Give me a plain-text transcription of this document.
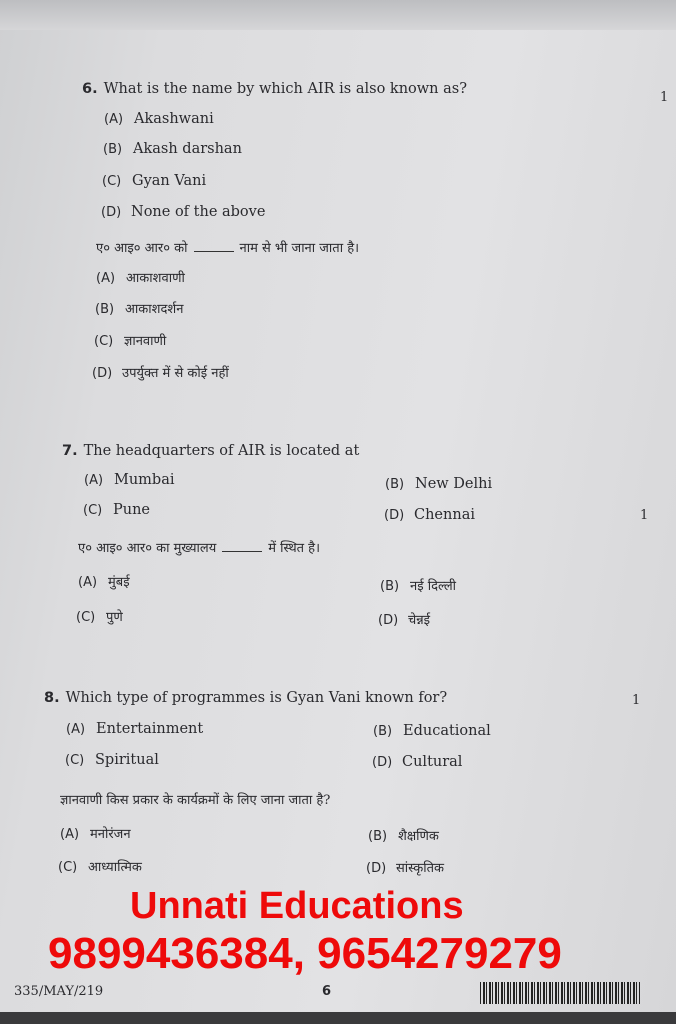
6. What is the name by which AIR is also known as?
1
(A) Akashwani
(B) Akash darshan
(C) Gyan Vani
(D) None of the above
ए० आइ० आर० को	नाम से भी जाना जाता है।
(A) आकाशवाणी
(B) आकाशदर्शन
(C) ज्ञानवाणी
(D) उपर्युक्त में से कोई नहीं
7. The headquarters of AIR is located at
1
(A) Mumbai	(B) New Delhi
(C) Pune	(D) Chennai
ए० आइ० आर० का मुख्यालय	में स्थित है।
(A) मुंबई	(B) नई दिल्ली
(C) पुणे	(D) चेन्नई
8. Which type of programmes is Gyan Vani known for?	1
(A) Entertainment	(B) Educational
(C) Spiritual	(D) Cultural
ज्ञानवाणी किस प्रकार के कार्यक्रमों के लिए जाना जाता है?
(A) मनोरंजन	(B) शैक्षणिक
(C) आध्यात्मिक	(D) सांस्कृतिक
Unnati Educations
9899436384, 9654279279
335/MAY/219	6
